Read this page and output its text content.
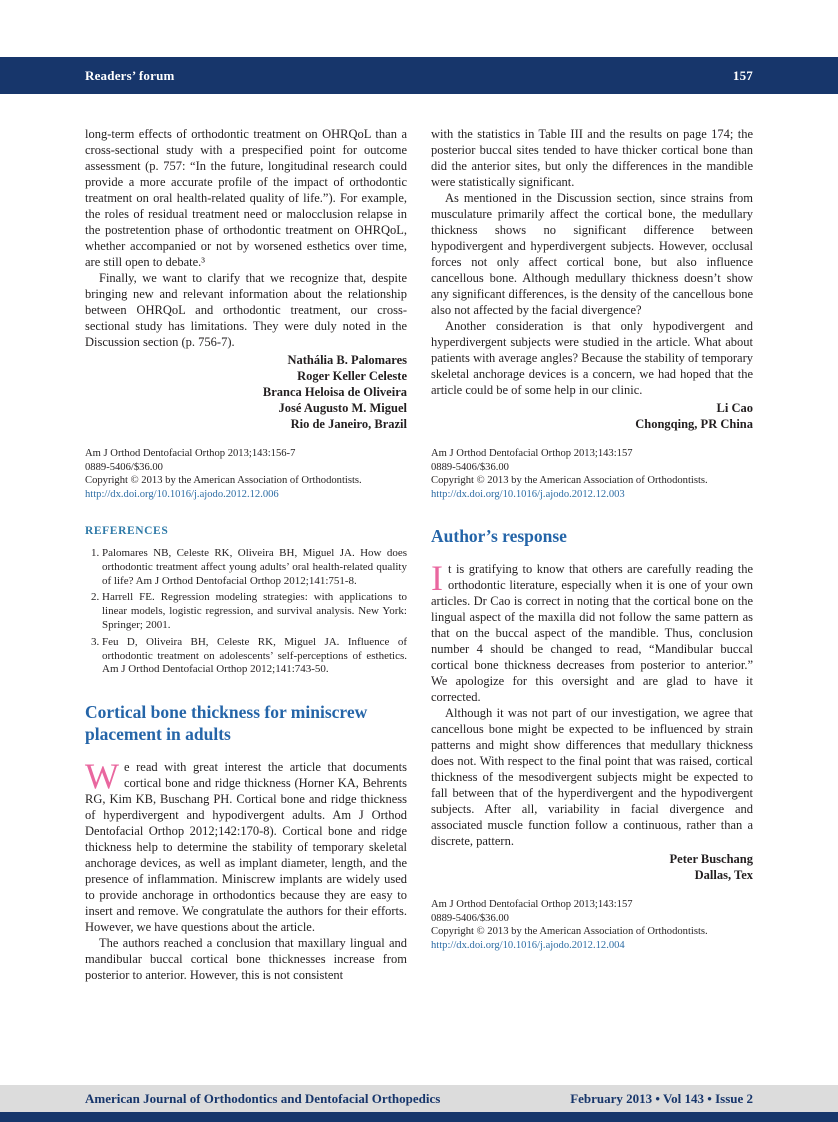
Readers’ forum	157

long-term effects of orthodontic treatment on OHRQoL than a cross-sectional study with a prespecified point for outcome assessment (p. 757: “In the future, longitudinal research could provide a more accurate profile of the impact of orthodontic treatment on oral health-related quality of life.”). For example, the roles of residual treatment need or malocclusion relapse in the postretention phase of orthodontic treatment on OHRQoL, whether accompanied or not by worsened esthetics over time, are still open to debate.³

Finally, we want to clarify that we recognize that, despite bringing new and relevant information about the relationship between OHRQoL and orthodontic treatment, our cross-sectional study has limitations. They were duly noted in the Discussion section (p. 756-7).

Nathália B. Palomares
Roger Keller Celeste
Branca Heloisa de Oliveira
José Augusto M. Miguel
Rio de Janeiro, Brazil
Am J Orthod Dentofacial Orthop 2013;143:156-7
0889-5406/$36.00
Copyright © 2013 by the American Association of Orthodontists.
http://dx.doi.org/10.1016/j.ajodo.2012.12.006
REFERENCES
1. Palomares NB, Celeste RK, Oliveira BH, Miguel JA. How does orthodontic treatment affect young adults’ oral health-related quality of life? Am J Orthod Dentofacial Orthop 2012;141:751-8.
2. Harrell FE. Regression modeling strategies: with applications to linear models, logistic regression, and survival analysis. New York: Springer; 2001.
3. Feu D, Oliveira BH, Celeste RK, Miguel JA. Influence of orthodontic treatment on adolescents’ self-perceptions of esthetics. Am J Orthod Dentofacial Orthop 2012;141:743-50.
Cortical bone thickness for miniscrew placement in adults

We read with great interest the article that documents cortical bone and ridge thickness (Horner KA, Behrents RG, Kim KB, Buschang PH. Cortical bone and ridge thickness of hyperdivergent and hypodivergent adults. Am J Orthod Dentofacial Orthop 2012;142:170-8). Cortical bone and ridge thickness help to determine the stability of temporary skeletal anchorage devices, as well as implant diameter, length, and the presence of inflammation. Miniscrew implants are widely used to provide anchorage in orthodontics because they are easy to insert and remove. We congratulate the authors for their efforts. However, we have questions about the article.

The authors reached a conclusion that maxillary lingual and mandibular buccal cortical bone thicknesses increase from posterior to anterior. However, this is not consistent

with the statistics in Table III and the results on page 174; the posterior buccal sites tended to have thicker cortical bone than did the anterior sites, but only the differences in the mandible were statistically significant.

As mentioned in the Discussion section, since strains from musculature primarily affect the cortical bone, the medullary thickness shows no significant difference between hypodivergent and hyperdivergent subjects. However, occlusal forces not only affect cortical bone, but also influence cancellous bone. Although medullary thickness doesn’t show any significant differences, is the density of the cancellous bone also not affected by the facial divergence?

Another consideration is that only hypodivergent and hyperdivergent subjects were studied in the article. What about patients with average angles? Because the stability of temporary skeletal anchorage devices is a concern, we had hoped that the article could be of some help in our clinic.

Li Cao
Chongqing, PR China
Am J Orthod Dentofacial Orthop 2013;143:157
0889-5406/$36.00
Copyright © 2013 by the American Association of Orthodontists.
http://dx.doi.org/10.1016/j.ajodo.2012.12.003
Author’s response

It is gratifying to know that others are carefully reading the orthodontic literature, especially when it is one of your own articles. Dr Cao is correct in noting that the cortical bone on the lingual aspect of the maxilla did not follow the same pattern as that on the buccal aspect of the mandible. Thus, conclusion number 4 should be changed to read, “Mandibular buccal cortical bone thickness decreases from posterior to anterior.” We apologize for this oversight and are glad to have it corrected.

Although it was not part of our investigation, we agree that cancellous bone might be expected to be influenced by strain patterns and might show differences that medullary thickness does not. With respect to the final point that was raised, cortical thickness of the mesodivergent subjects might be expected to fall between that of the hyperdivergent and the hypodivergent subjects. After all, variability in facial divergence and associated muscle function follow a continuous, rather than a discrete, pattern.

Peter Buschang
Dallas, Tex
Am J Orthod Dentofacial Orthop 2013;143:157
0889-5406/$36.00
Copyright © 2013 by the American Association of Orthodontists.
http://dx.doi.org/10.1016/j.ajodo.2012.12.004
American Journal of Orthodontics and Dentofacial Orthopedics	February 2013 • Vol 143 • Issue 2
